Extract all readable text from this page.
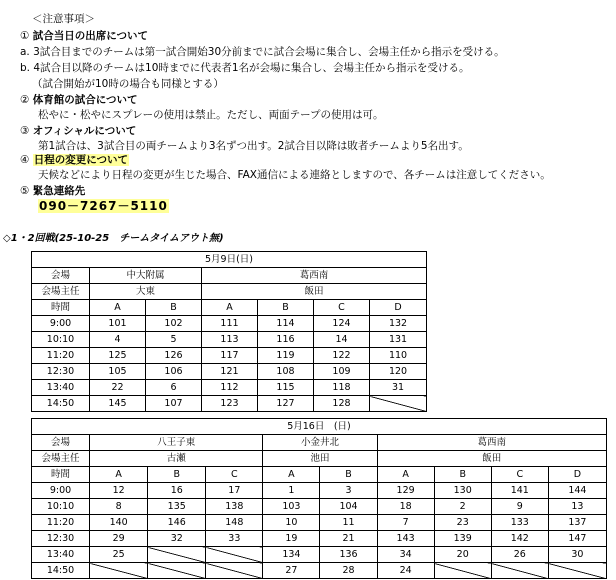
＜注意事項＞
① 試合当日の出席について
a. 3試合目までのチームは第一試合開始30分前までに試合会場に集合し、会場主任から指示を受ける。
b. 4試合目以降のチームは10時までに代表者1名が会場に集合し、会場主任から指示を受ける。
（試合開始が10時の場合も同様とする）
② 体育館の試合について
松やに・松やにスプレーの使用は禁止。ただし、両面テープの使用は可。
③ オフィシャルについて
第1試合は、3試合目の両チームより3名ずつ出す。2試合目以降は敗者チームより5名出す。
④ 日程の変更について
天候などにより日程の変更が生じた場合、FAX通信による連絡としますので、各チームは注意してください。
⑤ 緊急連絡先
090－7267－5110
◇1・2回戦(25-10-25　チームタイムアウト無)
5月9日(日)						
会場	中大附属		葛西南			
会場主任	大東		飯田			
時間	A	B	A	B	C	D
9:00	101	102	111	114	124	132
10:10	4	5	113	116	14	131
11:20	125	126	117	119	122	110
12:30	105	106	121	108	109	120
13:40	22	6	112	115	118	31
14:50	145	107	123	127	128	
5月16日　(日)									
会場	八王子東			小金井北		葛西南			
会場主任	古瀬			池田		飯田			
時間	A	B	C	A	B	A	B	C	D
9:00	12	16	17	1	3	129	130	141	144
10:10	8	135	138	103	104	18	2	9	13
11:20	140	146	148	10	11	7	23	133	137
12:30	29	32	33	19	21	143	139	142	147
13:40	25			134	136	34	20	26	30
14:50				27	28	24			
